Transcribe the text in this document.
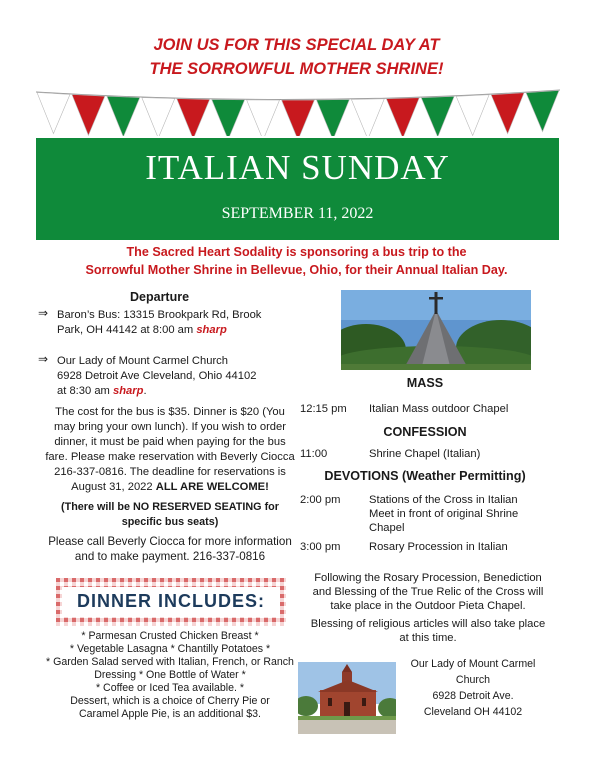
JOIN US FOR THIS SPECIAL DAY AT
THE SORROWFUL MOTHER SHRINE!
ITALIAN SUNDAY
SEPTEMBER 11, 2022
The Sacred Heart Sodality is sponsoring a bus trip to the
Sorrowful Mother Shrine in Bellevue, Ohio, for their Annual Italian Day.
Departure
⇒ Baron’s Bus: 13315 Brookpark Rd, Brook
Park, OH 44142 at 8:00 am sharp
⇒ Our Lady of Mount Carmel Church
6928 Detroit Ave Cleveland, Ohio 44102
at 8:30 am sharp.
The cost for the bus is $35. Dinner is $20 (You
may bring your own lunch). If you wish to order
dinner, it must be paid when paying for the bus
fare. Please make reservation with Beverly Ciocca
216-337-0816. The deadline for reservations is
August 31, 2022 ALL ARE WELCOME!
(There will be NO RESERVED SEATING for
specific bus seats)
Please call Beverly Ciocca for more information
and to make payment. 216-337-0816
DINNER INCLUDES:
* Parmesan Crusted Chicken Breast *
* Vegetable Lasagna * Chantilly Potatoes *
* Garden Salad served with Italian, French, or Ranch
Dressing * One Bottle of Water *
* Coffee or Iced Tea available. *
Dessert, which is a choice of Cherry Pie or
Caramel Apple Pie, is an additional $3.
MASS
12:15 pm Italian Mass outdoor Chapel
CONFESSION
11:00	Shrine Chapel (Italian)
DEVOTIONS (Weather Permitting)
2:00 pm	Stations of the Cross in Italian
Meet in front of original Shrine
Chapel
3:00 pm	Rosary Procession in Italian
Following the Rosary Procession, Benediction
and Blessing of the True Relic of the Cross will
take place in the Outdoor Pieta Chapel.
Blessing of religious articles will also take place
at this time.
Our Lady of Mount Carmel
Church
6928 Detroit Ave.
Cleveland OH 44102
